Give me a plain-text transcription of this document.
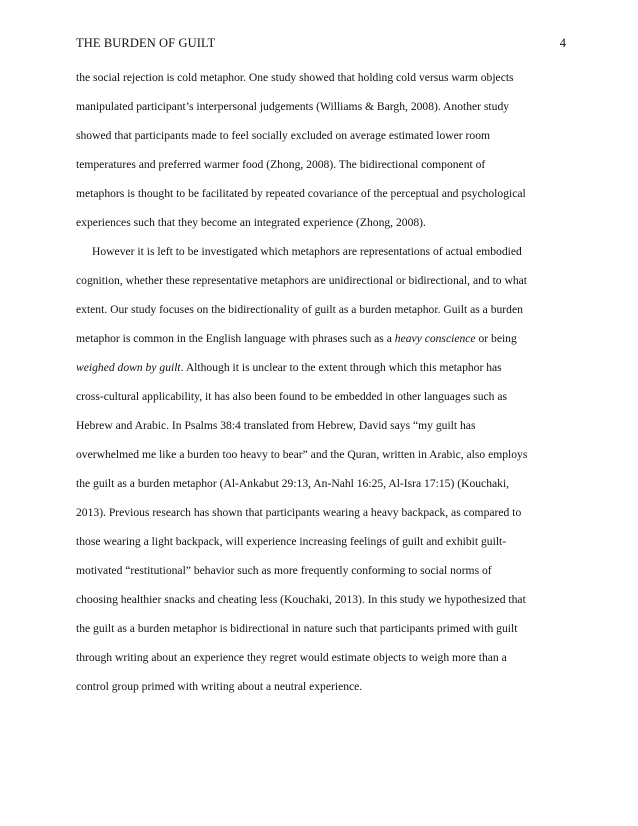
THE BURDEN OF GUILT	4
the social rejection is cold metaphor. One study showed that holding cold versus warm objects
manipulated participant’s interpersonal judgements (Williams & Bargh, 2008). Another study
showed that participants made to feel socially excluded on average estimated lower room
temperatures and preferred warmer food (Zhong, 2008). The bidirectional component of
metaphors is thought to be facilitated by repeated covariance of the perceptual and psychological
experiences such that they become an integrated experience (Zhong, 2008).
However it is left to be investigated which metaphors are representations of actual embodied
cognition, whether these representative metaphors are unidirectional or bidirectional, and to what
extent. Our study focuses on the bidirectionality of guilt as a burden metaphor. Guilt as a burden
metaphor is common in the English language with phrases such as a heavy conscience or being
weighed down by guilt. Although it is unclear to the extent through which this metaphor has
cross-cultural applicability, it has also been found to be embedded in other languages such as
Hebrew and Arabic. In Psalms 38:4 translated from Hebrew, David says “my guilt has
overwhelmed me like a burden too heavy to bear” and the Quran, written in Arabic, also employs
the guilt as a burden metaphor (Al-Ankabut 29:13, An-Nahl 16:25, Al-Isra 17:15) (Kouchaki,
2013). Previous research has shown that participants wearing a heavy backpack, as compared to
those wearing a light backpack, will experience increasing feelings of guilt and exhibit guilt-
motivated “restitutional” behavior such as more frequently conforming to social norms of
choosing healthier snacks and cheating less (Kouchaki, 2013). In this study we hypothesized that
the guilt as a burden metaphor is bidirectional in nature such that participants primed with guilt
through writing about an experience they regret would estimate objects to weigh more than a
control group primed with writing about a neutral experience.
